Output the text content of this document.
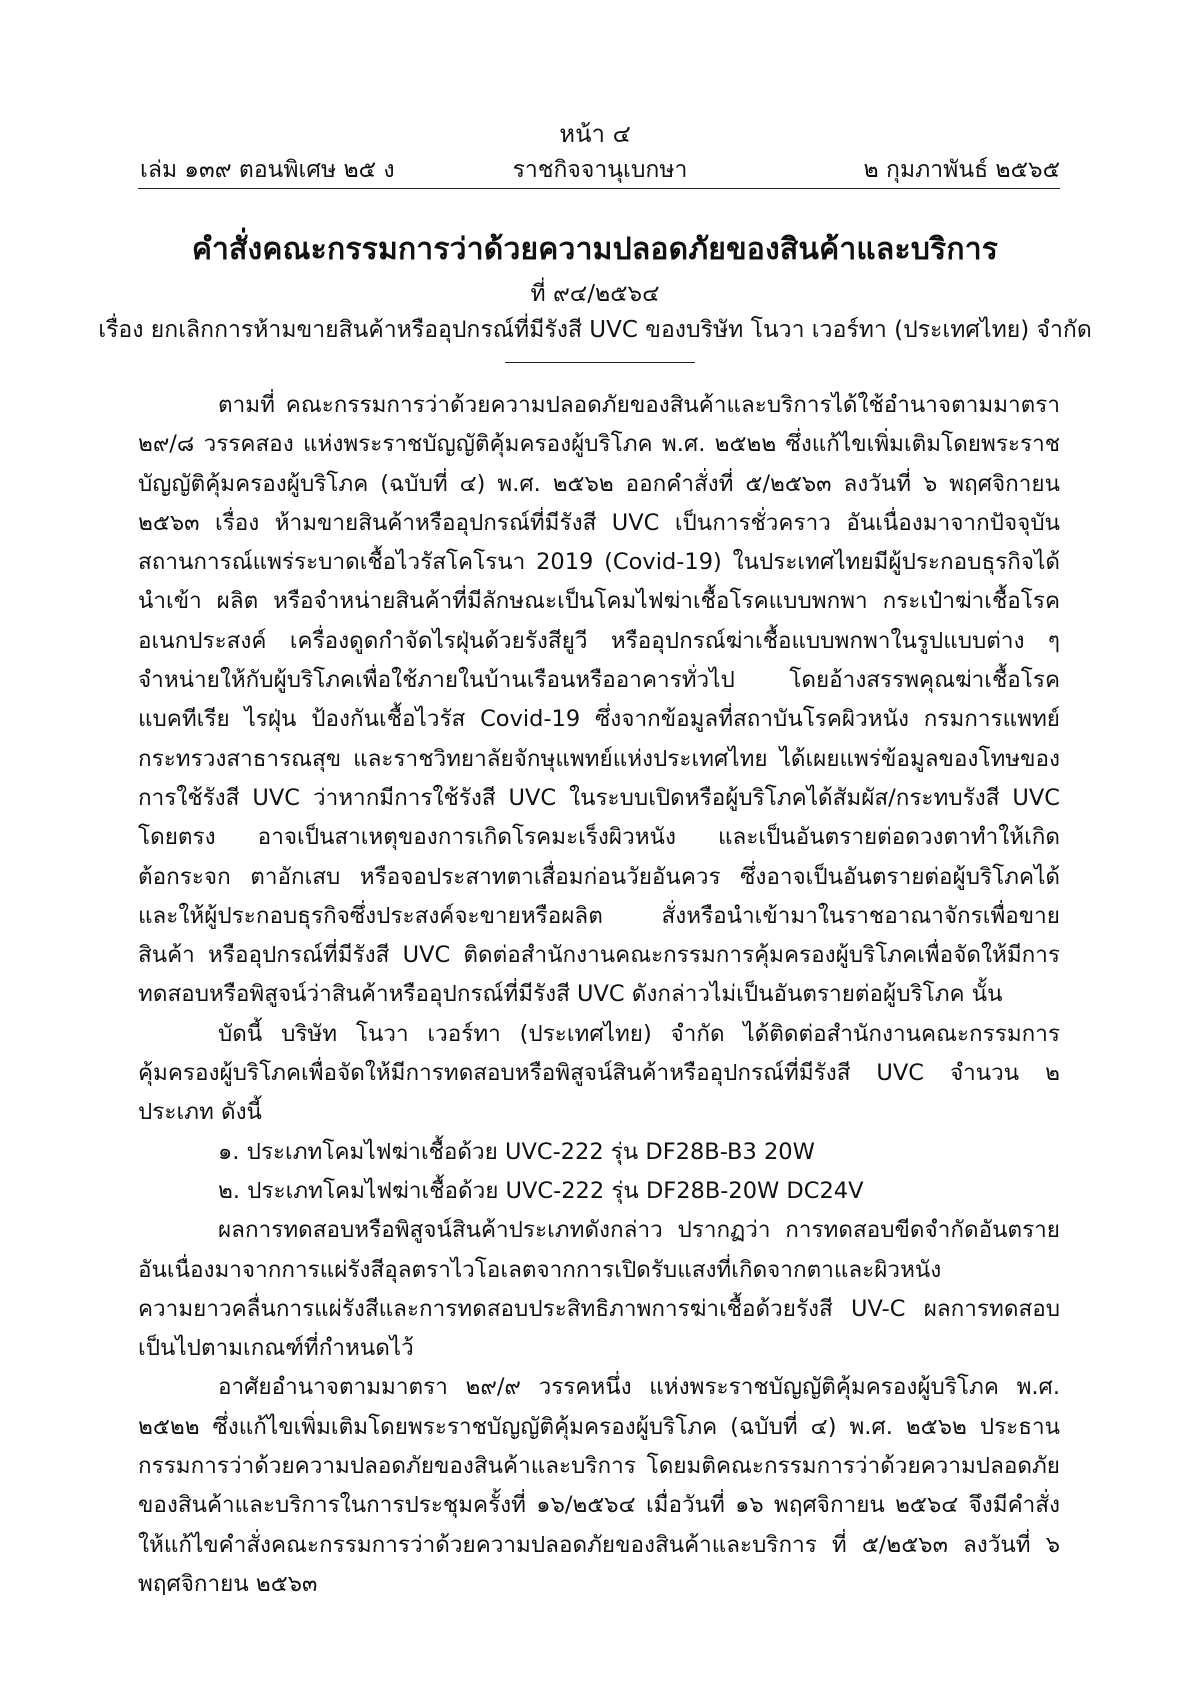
หน้า ๔
เล่ม ๑๓๙ ตอนพิเศษ ๒๕ ง	ราชกิจจานุเบกษา	๒ กุมภาพันธ์ ๒๕๖๕
คำสั่งคณะกรรมการว่าด้วยความปลอดภัยของสินค้าและบริการ
ที่ ๙๔/๒๕๖๔
เรื่อง ยกเลิกการห้ามขายสินค้าหรืออุปกรณ์ที่มีรังสี UVC ของบริษัท โนวา เวอร์ทา (ประเทศไทย) จำกัด

ตามที่ คณะกรรมการว่าด้วยความปลอดภัยของสินค้าและบริการได้ใช้อำนาจตามมาตรา ๒๙/๘ วรรคสอง แห่งพระราชบัญญัติคุ้มครองผู้บริโภค พ.ศ. ๒๕๒๒ ซึ่งแก้ไขเพิ่มเติมโดยพระราชบัญญัติคุ้มครองผู้บริโภค (ฉบับที่ ๔) พ.ศ. ๒๕๖๒ ออกคำสั่งที่ ๕/๒๕๖๓ ลงวันที่ ๖ พฤศจิกายน ๒๕๖๓ เรื่อง ห้ามขายสินค้าหรืออุปกรณ์ที่มีรังสี UVC เป็นการชั่วคราว อันเนื่องมาจากปัจจุบันสถานการณ์แพร่ระบาดเชื้อไวรัสโคโรนา 2019 (Covid-19) ในประเทศไทยมีผู้ประกอบธุรกิจได้นำเข้า ผลิต หรือจำหน่ายสินค้าที่มีลักษณะเป็นโคมไฟฆ่าเชื้อโรคแบบพกพา กระเป๋าฆ่าเชื้อโรคอเนกประสงค์ เครื่องดูดกำจัดไรฝุ่นด้วยรังสียูวี หรืออุปกรณ์ฆ่าเชื้อแบบพกพาในรูปแบบต่าง ๆ จำหน่ายให้กับผู้บริโภคเพื่อใช้ภายในบ้านเรือนหรืออาคารทั่วไป โดยอ้างสรรพคุณฆ่าเชื้อโรค แบคทีเรีย ไรฝุ่น ป้องกันเชื้อไวรัส Covid-19 ซึ่งจากข้อมูลที่สถาบันโรคผิวหนัง กรมการแพทย์ กระทรวงสาธารณสุข และราชวิทยาลัยจักษุแพทย์แห่งประเทศไทย ได้เผยแพร่ข้อมูลของโทษของการใช้รังสี UVC ว่าหากมีการใช้รังสี UVC ในระบบเปิดหรือผู้บริโภคได้สัมผัส/กระทบรังสี UVC โดยตรง อาจเป็นสาเหตุของการเกิดโรคมะเร็งผิวหนัง และเป็นอันตรายต่อดวงตาทำให้เกิดต้อกระจก ตาอักเสบ หรือจอประสาทตาเสื่อมก่อนวัยอันควร ซึ่งอาจเป็นอันตรายต่อผู้บริโภคได้ และให้ผู้ประกอบธุรกิจซึ่งประสงค์จะขายหรือผลิต สั่งหรือนำเข้ามาในราชอาณาจักรเพื่อขายสินค้า หรืออุปกรณ์ที่มีรังสี UVC ติดต่อสำนักงานคณะกรรมการคุ้มครองผู้บริโภคเพื่อจัดให้มีการทดสอบหรือพิสูจน์ว่าสินค้าหรืออุปกรณ์ที่มีรังสี UVC ดังกล่าวไม่เป็นอันตรายต่อผู้บริโภค นั้น

บัดนี้ บริษัท โนวา เวอร์ทา (ประเทศไทย) จำกัด ได้ติดต่อสำนักงานคณะกรรมการคุ้มครองผู้บริโภคเพื่อจัดให้มีการทดสอบหรือพิสูจน์สินค้าหรืออุปกรณ์ที่มีรังสี UVC จำนวน ๒ ประเภท ดังนี้

๑. ประเภทโคมไฟฆ่าเชื้อด้วย UVC-222 รุ่น DF28B-B3 20W

๒. ประเภทโคมไฟฆ่าเชื้อด้วย UVC-222 รุ่น DF28B-20W DC24V

ผลการทดสอบหรือพิสูจน์สินค้าประเภทดังกล่าว ปรากฏว่า การทดสอบขีดจำกัดอันตรายอันเนื่องมาจากการแผ่รังสีอุลตราไวโอเลตจากการเปิดรับแสงที่เกิดจากตาและผิวหนัง ความยาวคลื่นการแผ่รังสีและการทดสอบประสิทธิภาพการฆ่าเชื้อด้วยรังสี UV-C ผลการทดสอบเป็นไปตามเกณฑ์ที่กำหนดไว้

อาศัยอำนาจตามมาตรา ๒๙/๙ วรรคหนึ่ง แห่งพระราชบัญญัติคุ้มครองผู้บริโภค พ.ศ. ๒๕๒๒ ซึ่งแก้ไขเพิ่มเติมโดยพระราชบัญญัติคุ้มครองผู้บริโภค (ฉบับที่ ๔) พ.ศ. ๒๕๖๒ ประธานกรรมการว่าด้วยความปลอดภัยของสินค้าและบริการ โดยมติคณะกรรมการว่าด้วยความปลอดภัยของสินค้าและบริการในการประชุมครั้งที่ ๑๖/๒๕๖๔ เมื่อวันที่ ๑๖ พฤศจิกายน ๒๕๖๔ จึงมีคำสั่งให้แก้ไขคำสั่งคณะกรรมการว่าด้วยความปลอดภัยของสินค้าและบริการ ที่ ๕/๒๕๖๓ ลงวันที่ ๖ พฤศจิกายน ๒๕๖๓
